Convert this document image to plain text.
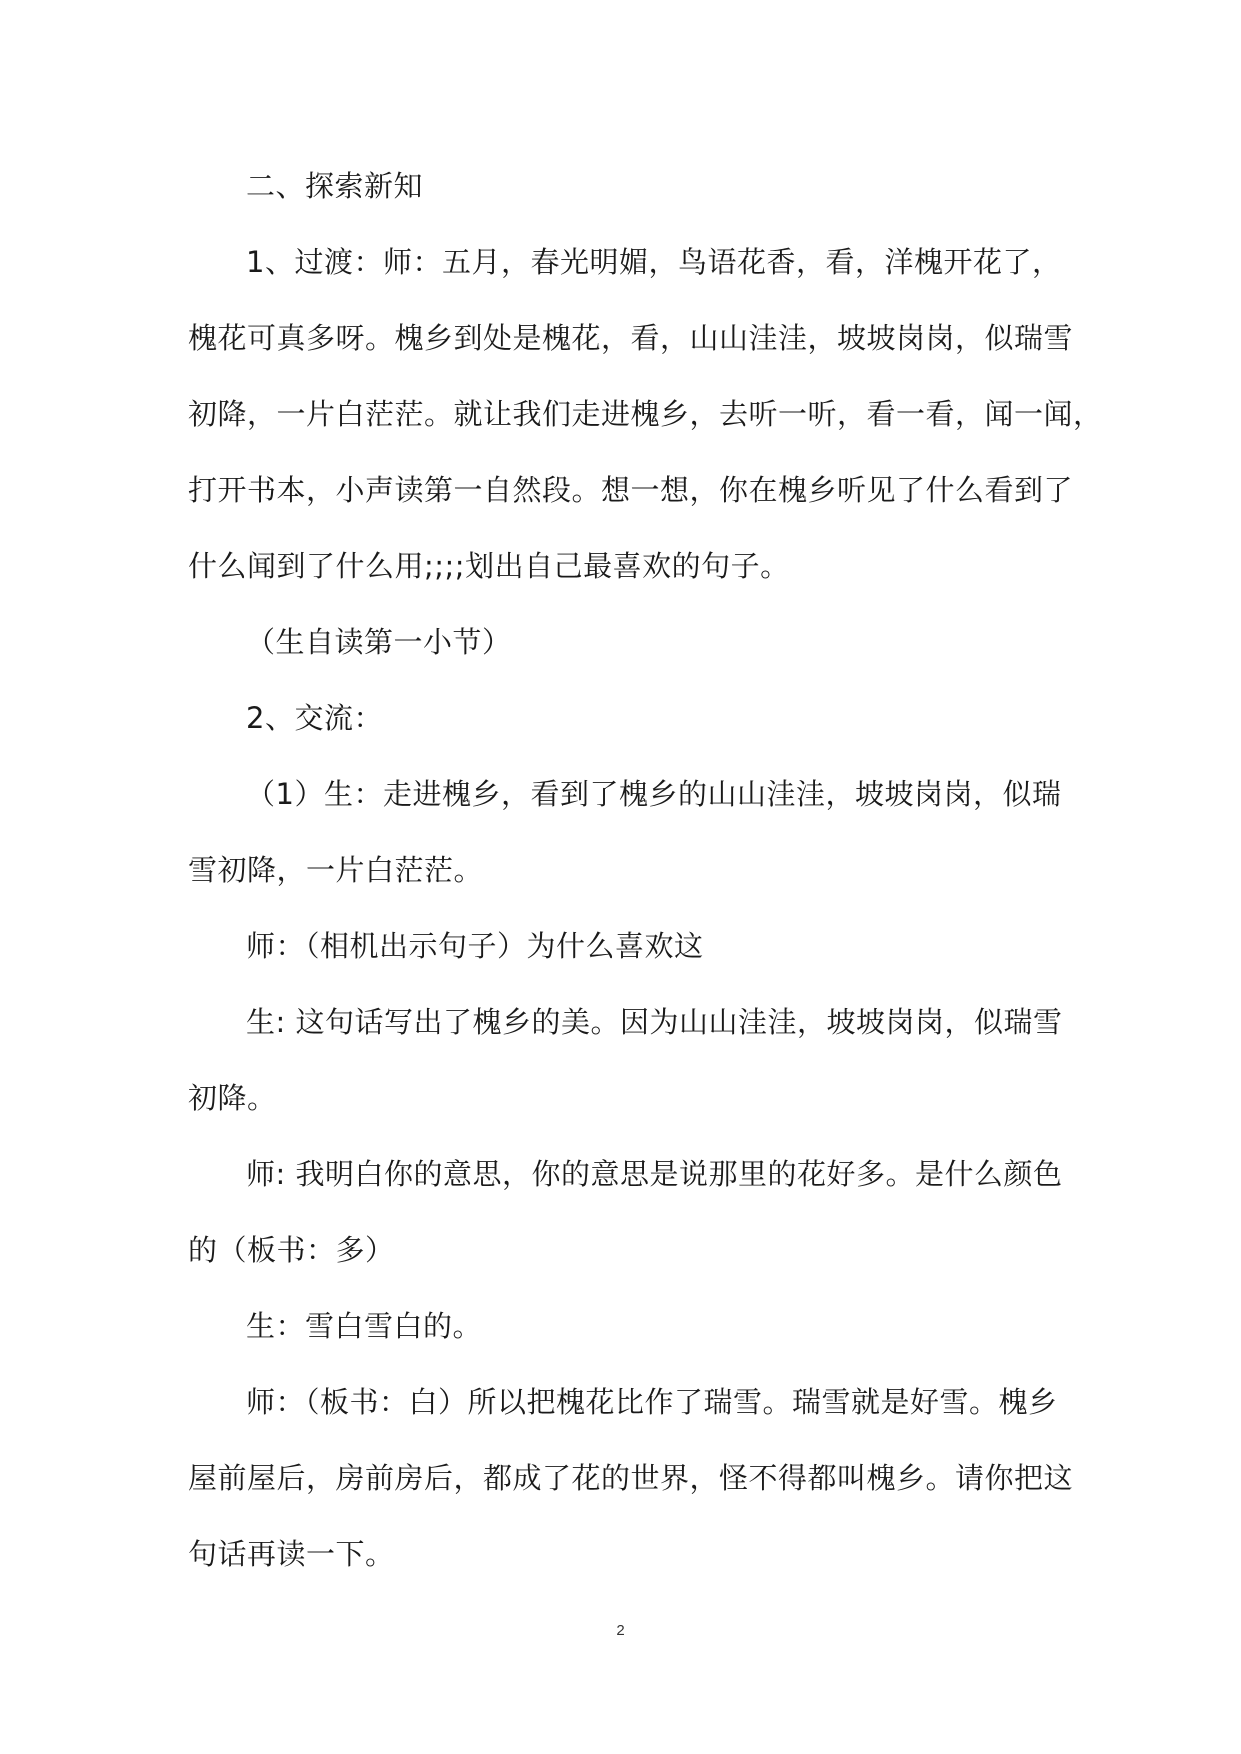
二、探索新知

1、过渡：师：五月，春光明媚，鸟语花香，看，洋槐开花了，
槐花可真多呀。槐乡到处是槐花，看，山山洼洼，坡坡岗岗，似瑞雪
初降，一片白茫茫。就让我们走进槐乡，去听一听，看一看，闻一闻，
打开书本，小声读第一自然段。想一想，你在槐乡听见了什么看到了
什么闻到了什么用;;;;划出自己最喜欢的句子。

（生自读第一小节）

2、交流：

（1）生：走进槐乡，看到了槐乡的山山洼洼，坡坡岗岗，似瑞
雪初降，一片白茫茫。

师：（相机出示句子）为什么喜欢这

生: 这句话写出了槐乡的美。因为山山洼洼，坡坡岗岗，似瑞雪
初降。

师: 我明白你的意思，你的意思是说那里的花好多。是什么颜色
的（板书：多）

生：雪白雪白的。

师：（板书：白）所以把槐花比作了瑞雪。瑞雪就是好雪。槐乡
屋前屋后，房前房后，都成了花的世界，怪不得都叫槐乡。请你把这
句话再读一下。

2
